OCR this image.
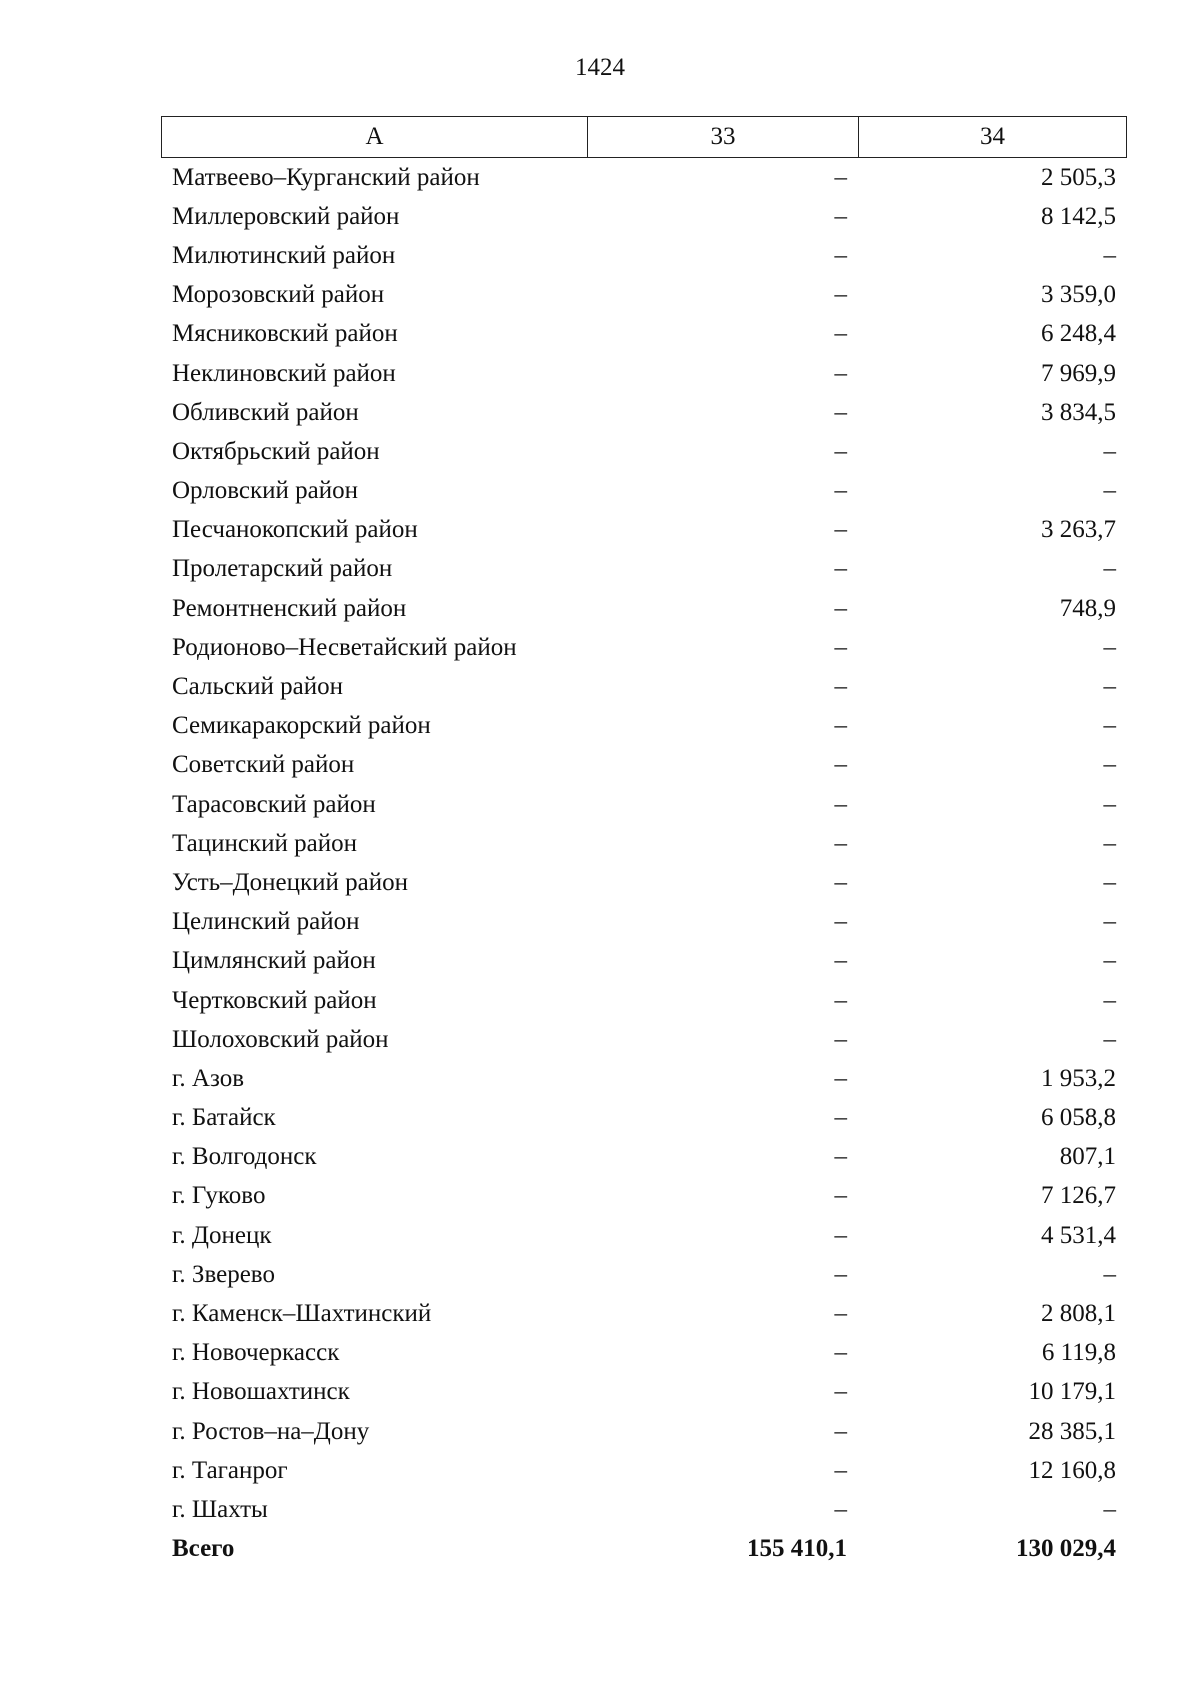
1424
А	33	34
Матвеево–Курганский район	–	2 505,3
Миллеровский район	–	8 142,5
Милютинский район	–	–
Морозовский район	–	3 359,0
Мясниковский район	–	6 248,4
Неклиновский район	–	7 969,9
Обливский район	–	3 834,5
Октябрьский район	–	–
Орловский район	–	–
Песчанокопский район	–	3 263,7
Пролетарский район	–	–
Ремонтненский район	–	748,9
Родионово–Несветайский район	–	–
Сальский район	–	–
Семикаракорский район	–	–
Советский район	–	–
Тарасовский район	–	–
Тацинский район	–	–
Усть–Донецкий район	–	–
Целинский район	–	–
Цимлянский район	–	–
Чертковский район	–	–
Шолоховский район	–	–
г. Азов	–	1 953,2
г. Батайск	–	6 058,8
г. Волгодонск	–	807,1
г. Гуково	–	7 126,7
г. Донецк	–	4 531,4
г. Зверево	–	–
г. Каменск–Шахтинский	–	2 808,1
г. Новочеркасск	–	6 119,8
г. Новошахтинск	–	10 179,1
г. Ростов–на–Дону	–	28 385,1
г. Таганрог	–	12 160,8
г. Шахты	–	–
Всего	155 410,1	130 029,4
